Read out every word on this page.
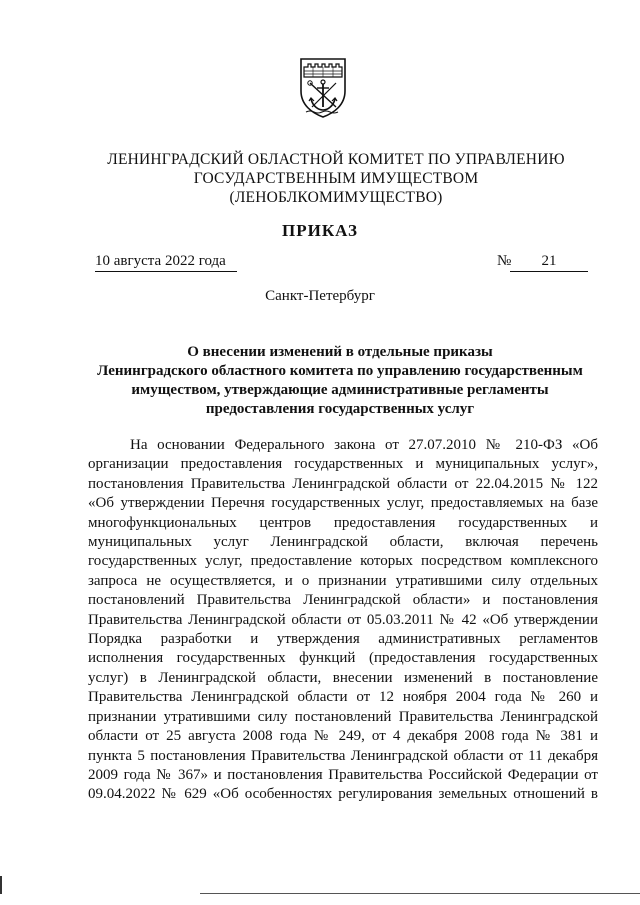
ЛЕНИНГРАДСКИЙ ОБЛАСТНОЙ КОМИТЕТ ПО УПРАВЛЕНИЮ
ГОСУДАРСТВЕННЫМ ИМУЩЕСТВОМ
(ЛЕНОБЛКОМИМУЩЕСТВО)
ПРИКАЗ
10 августа 2022 года	№	21
Санкт-Петербург
О внесении изменений в отдельные приказы
Ленинградского областного комитета по управлению государственным
имуществом, утверждающие административные регламенты
предоставления государственных услуг
На основании Федерального закона от 27.07.2010 № 210-ФЗ «Об
организации предоставления государственных и муниципальных услуг»,
постановления Правительства Ленинградской области от 22.04.2015 № 122
«Об утверждении Перечня государственных услуг, предоставляемых на базе
многофункциональных центров предоставления государственных и
муниципальных услуг Ленинградской области, включая перечень
государственных услуг, предоставление которых посредством комплексного
запроса не осуществляется, и о признании утратившими силу отдельных
постановлений Правительства Ленинградской области» и постановления
Правительства Ленинградской области от 05.03.2011 № 42 «Об утверждении
Порядка разработки и утверждения административных регламентов
исполнения государственных функций (предоставления государственных
услуг) в Ленинградской области, внесении изменений в постановление
Правительства Ленинградской области от 12 ноября 2004 года № 260 и
признании утратившими силу постановлений Правительства Ленинградской
области от 25 августа 2008 года № 249, от 4 декабря 2008 года № 381 и
пункта 5 постановления Правительства Ленинградской области от 11 декабря
2009 года № 367» и постановления Правительства Российской Федерации от
09.04.2022 № 629 «Об особенностях регулирования земельных отношений в
